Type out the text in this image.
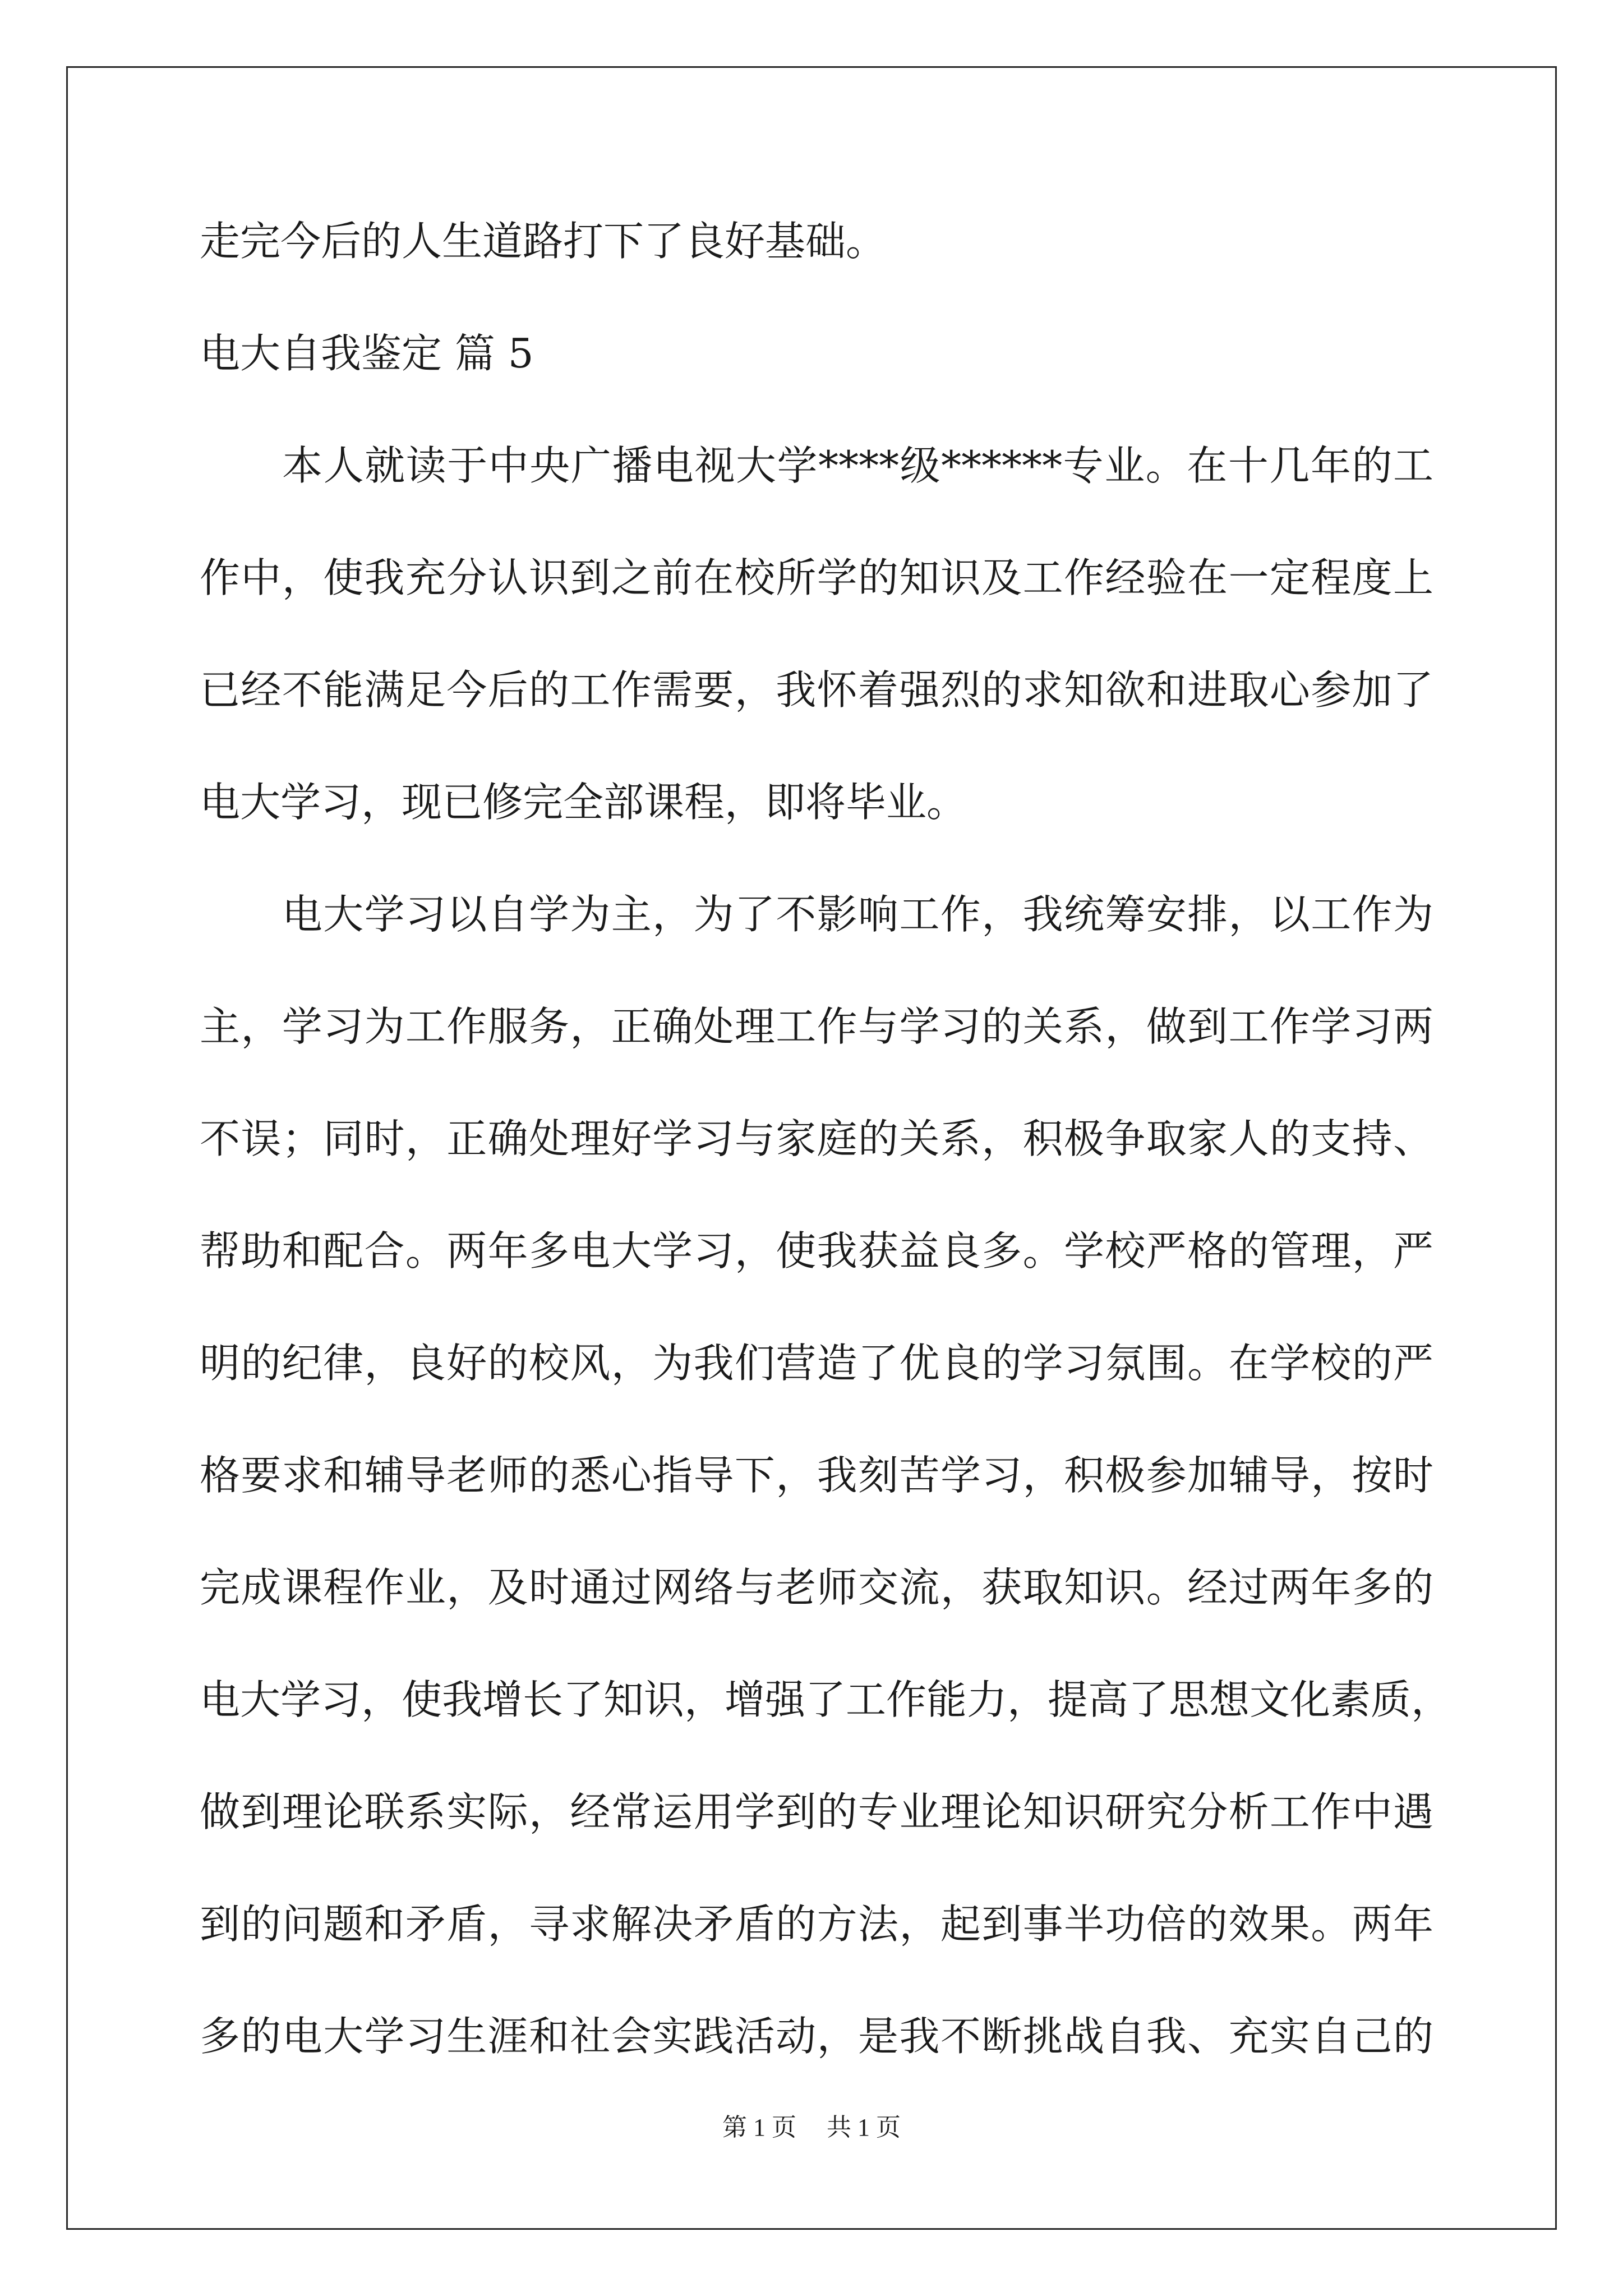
走完今后的人生道路打下了良好基础。
电大自我鉴定 篇 5
　　本人就读于中央广播电视大学****级******专业。在十几年的工
作中，使我充分认识到之前在校所学的知识及工作经验在一定程度上
已经不能满足今后的工作需要，我怀着强烈的求知欲和进取心参加了
电大学习，现已修完全部课程，即将毕业。
　　电大学习以自学为主，为了不影响工作，我统筹安排，以工作为
主，学习为工作服务，正确处理工作与学习的关系，做到工作学习两
不误；同时，正确处理好学习与家庭的关系，积极争取家人的支持、
帮助和配合。两年多电大学习，使我获益良多。学校严格的管理，严
明的纪律，良好的校风，为我们营造了优良的学习氛围。在学校的严
格要求和辅导老师的悉心指导下，我刻苦学习，积极参加辅导，按时
完成课程作业，及时通过网络与老师交流，获取知识。经过两年多的
电大学习，使我增长了知识，增强了工作能力，提高了思想文化素质，
做到理论联系实际，经常运用学到的专业理论知识研究分析工作中遇
到的问题和矛盾，寻求解决矛盾的方法，起到事半功倍的效果。两年
多的电大学习生涯和社会实践活动，是我不断挑战自我、充实自己的
第 1 页 共 1 页
